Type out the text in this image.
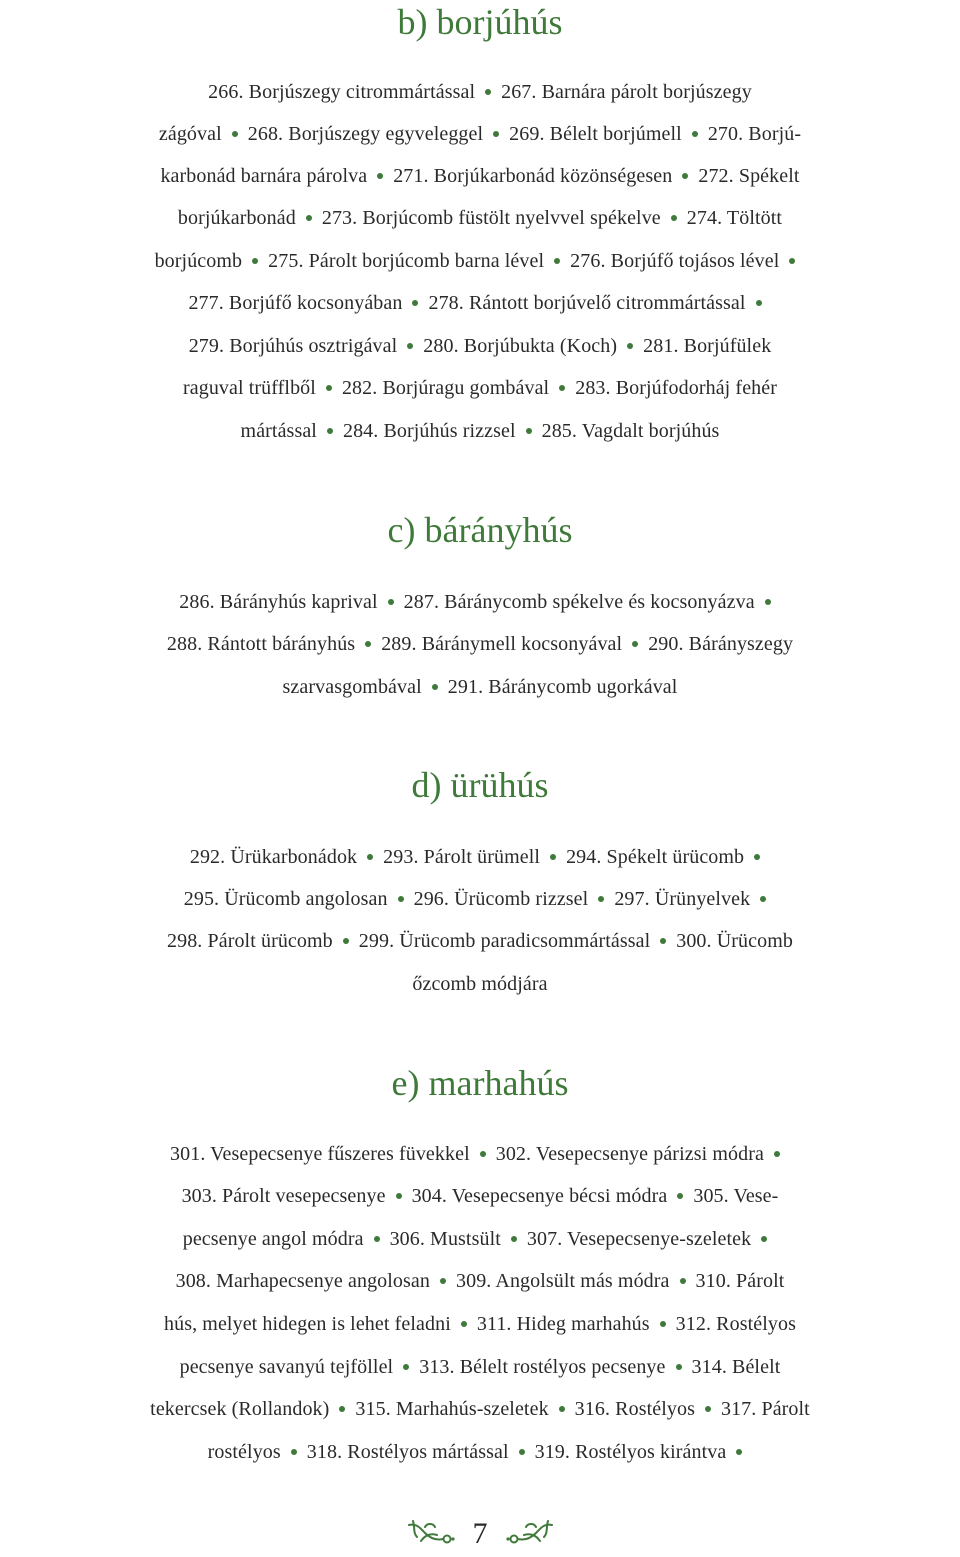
b) borjúhús
266. Borjúszegy citrommártással 267. Barnára párolt borjúszegy
zágóval 268. Borjúszegy egyveleggel 269. Bélelt borjúmell 270. Borjú-
karbonád barnára párolva 271. Borjúkarbonád közönségesen 272. Spékelt
borjúkarbonád 273. Borjúcomb füstölt nyelvvel spékelve 274. Töltött
borjúcomb 275. Párolt borjúcomb barna lével 276. Borjúfő tojásos lével
277. Borjúfő kocsonyában 278. Rántott borjúvelő citrommártással
279. Borjúhús osztrigával 280. Borjúbukta (Koch) 281. Borjúfülek
raguval trüfflből 282. Borjúragu gombával 283. Borjúfodorháj fehér
mártással 284. Borjúhús rizzsel 285. Vagdalt borjúhús
c) bárányhús
286. Bárányhús kaprival 287. Báránycomb spékelve és kocsonyázva
288. Rántott bárányhús 289. Báránymell kocsonyával 290. Bárányszegy
szarvasgombával 291. Báránycomb ugorkával
d) ürühús
292. Ürükarbonádok 293. Párolt ürümell 294. Spékelt ürücomb
295. Ürücomb angolosan 296. Ürücomb rizzsel 297. Ürünyelvek
298. Párolt ürücomb 299. Ürücomb paradicsommártással 300. Ürücomb
őzcomb módjára
e) marhahús
301. Vesepecsenye fűszeres füvekkel 302. Vesepecsenye párizsi módra
303. Párolt vesepecsenye 304. Vesepecsenye bécsi módra 305. Vese-
pecsenye angol módra 306. Mustsült 307. Vesepecsenye-szeletek
308. Marhapecsenye angolosan 309. Angolsült más módra 310. Párolt
hús, melyet hidegen is lehet feladni 311. Hideg marhahús 312. Rostélyos
pecsenye savanyú tejföllel 313. Bélelt rostélyos pecsenye 314. Bélelt
tekercsek (Rollandok) 315. Marhahús-szeletek 316. Rostélyos 317. Párolt
rostélyos 318. Rostélyos mártással 319. Rostélyos kirántva
7
